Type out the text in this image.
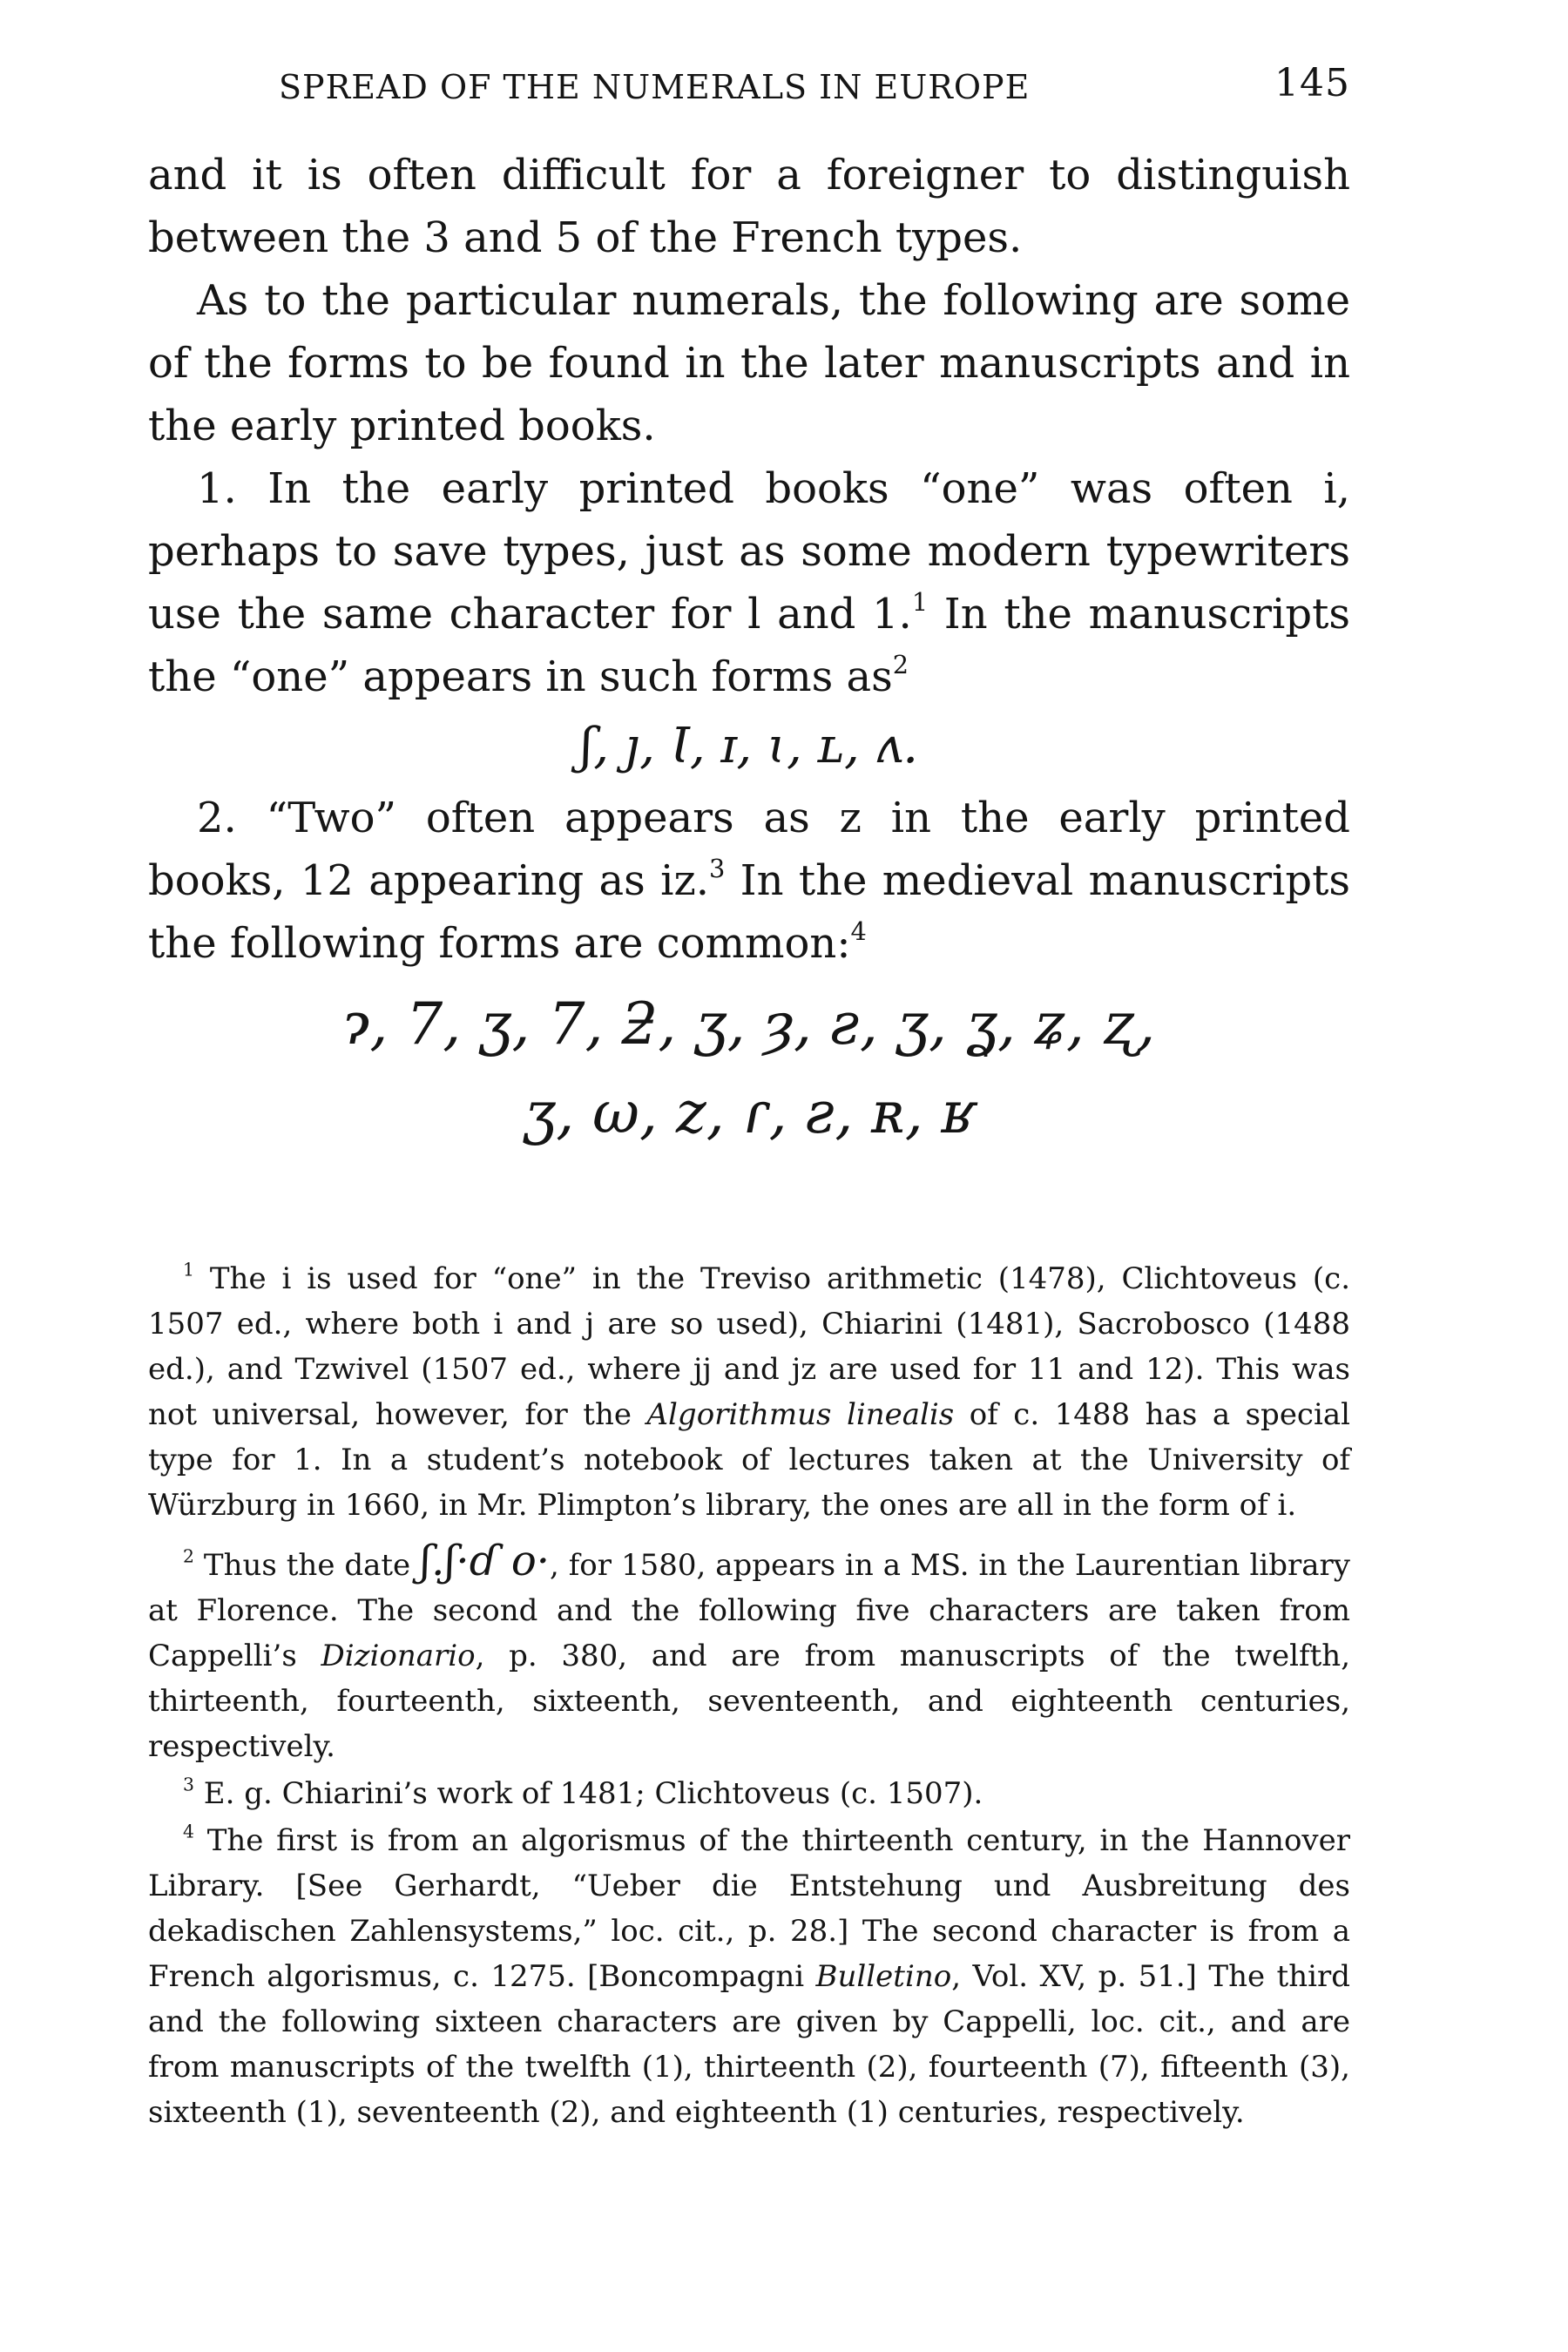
SPREAD OF THE NUMERALS IN EUROPE	145

and it is often difficult for a foreigner to distinguish between the 3 and 5 of the French types.

As to the particular numerals, the following are some of the forms to be found in the later manuscripts and in the early printed books.

1. In the early printed books “one” was often i, perhaps to save types, just as some modern typewriters use the same character for l and 1.$^1$ In the manuscripts the “one” appears in such forms $as^2$

ʃ, ȷ, Ɩ, ɪ, ɩ, ʟ, ʌ.

2. “Two” often appears as z in the early printed books, 12 appearing as iz.$^3$ In the medieval manuscripts the following forms are common:$^4$

ɂ, 7, ʒ, 7, ƻ, ʒ, ȝ, ƨ, ʒ, ʓ, ʑ, ʐ,
ʒ, ω, z, ɾ, ƨ, ʀ, ʁ

$^1$ The i is used for “one” in the Treviso arithmetic (1478), Clichtoveus (c. 1507 ed., where both i and j are so used), Chiarini (1481), Sacrobosco (1488 ed.), and Tzwivel (1507 ed., where jj and jz are used for 11 and 12). This was not universal, however, for the Algorithmus linealis of c. 1488 has a special type for 1. In a student’s notebook of lectures taken at the University of Würzburg in 1660, in Mr. Plimpton’s library, the ones are all in the form of i.

$^2$ Thus the date ʃ.ʃ·ɗ o·, for 1580, appears in a MS. in the Laurentian library at Florence. The second and the following five characters are taken from Cappelli’s Dizionario, p. 380, and are from manuscripts of the twelfth, thirteenth, fourteenth, sixteenth, seventeenth, and eighteenth centuries, respectively.

$^3$ E. g. Chiarini’s work of 1481; Clichtoveus (c. 1507).

$^4$ The first is from an algorismus of the thirteenth century, in the Hannover Library. [See Gerhardt, “Ueber die Entstehung und Ausbreitung des dekadischen Zahlensystems,” loc. cit., p. 28.] The second character is from a French algorismus, c. 1275. [Boncompagni Bulletino, Vol. XV, p. 51.] The third and the following sixteen characters are given by Cappelli, loc. cit., and are from manuscripts of the twelfth (1), thirteenth (2), fourteenth (7), fifteenth (3), sixteenth (1), seventeenth (2), and eighteenth (1) centuries, respectively.
